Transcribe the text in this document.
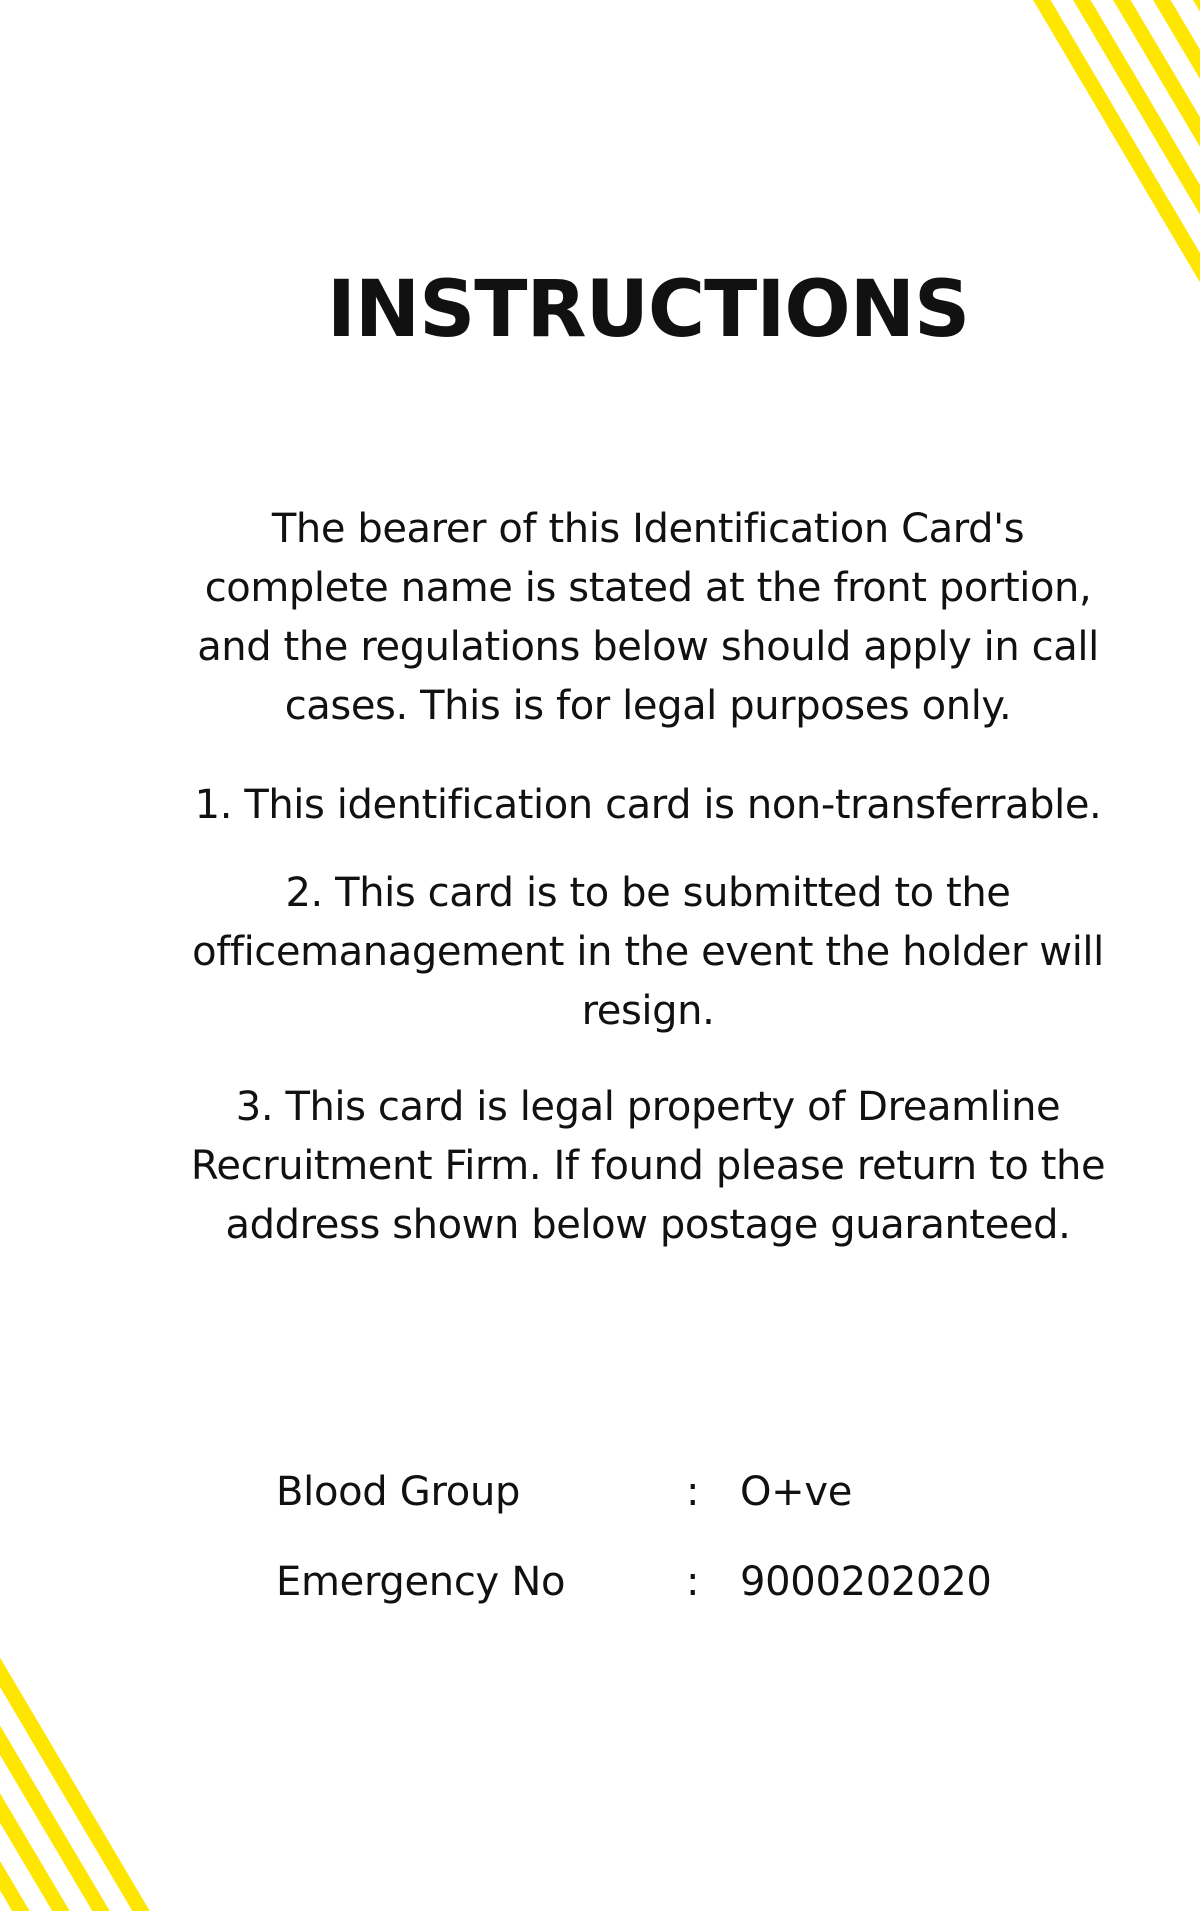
INSTRUCTIONS

The bearer of this Identification Card's complete name is stated at the front portion, and the regulations below should apply in call cases. This is for legal purposes only.

1. This identification card is non-transferrable.

2. This card is to be submitted to the officemanagement in the event the holder will resign.

3. This card is legal property of Dreamline Recruitment Firm. If found please return to the address shown below postage guaranteed.

Blood Group	: O+ve
Emergency No	: 9000202020
